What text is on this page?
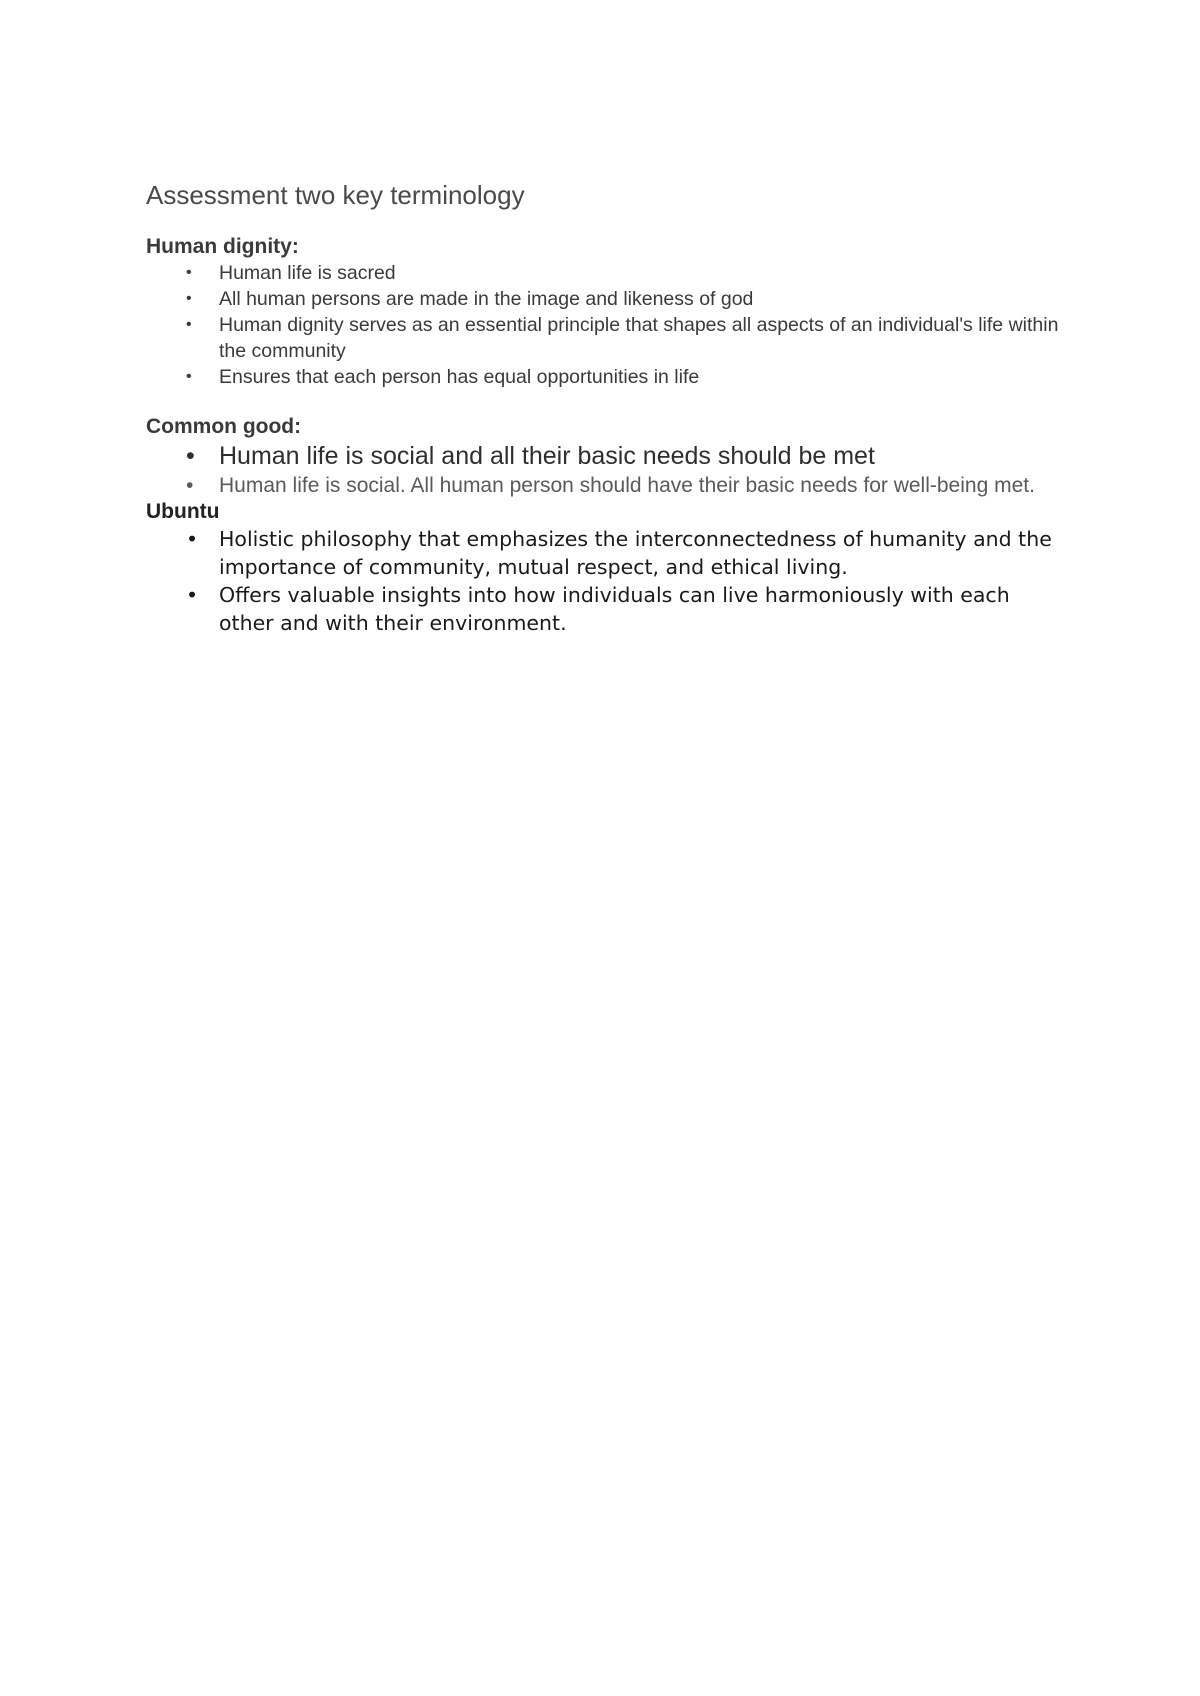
Assessment two key terminology
Human dignity:
• Human life is sacred
• All human persons are made in the image and likeness of god
• Human dignity serves as an essential principle that shapes all aspects of an individual's life within the community
• Ensures that each person has equal opportunities in life
Common good:
• Human life is social and all their basic needs should be met
• Human life is social. All human person should have their basic needs for well-being met.
Ubuntu
• Holistic philosophy that emphasizes the interconnectedness of humanity and the importance of community, mutual respect, and ethical living.
• Offers valuable insights into how individuals can live harmoniously with each other and with their environment.
